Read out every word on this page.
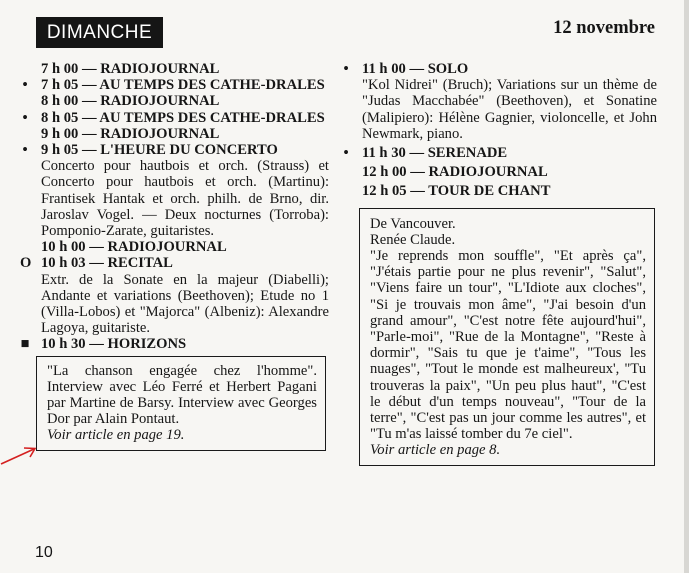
DIMANCHE	12 novembre
7 h 00 — RADIOJOURNAL
• 7 h 05 — AU TEMPS DES CATHE-DRALES
8 h 00 — RADIOJOURNAL
• 8 h 05 — AU TEMPS DES CATHE-DRALES
9 h 00 — RADIOJOURNAL
• 9 h 05 — L'HEURE DU CONCERTO
Concerto pour hautbois et orch. (Strauss) et Concerto pour hautbois et orch. (Martinu): Frantisek Hantak et orch. philh. de Brno, dir. Jaroslav Vogel. — Deux nocturnes (Torroba): Pomponio-Zarate, guitaristes.
10 h 00 — RADIOJOURNAL
O 10 h 03 — RECITAL
Extr. de la Sonate en la majeur (Diabelli); Andante et variations (Beethoven); Etude no 1 (Villa-Lobos) et "Majorca" (Albeniz): Alexandre Lagoya, guitariste.
■ 10 h 30 — HORIZONS
"La chanson engagée chez l'homme". Interview avec Léo Ferré et Herbert Pagani par Martine de Barsy. Interview avec Georges Dor par Alain Pontaut.
Voir article en page 19.
• 11 h 00 — SOLO
"Kol Nidrei" (Bruch); Variations sur un thème de "Judas Macchabée" (Beethoven), et Sonatine (Malipiero): Hélène Gagnier, violoncelle, et John Newmark, piano.
• 11 h 30 — SERENADE
12 h 00 — RADIOJOURNAL
12 h 05 — TOUR DE CHANT
De Vancouver.
Renée Claude.
"Je reprends mon souffle", "Et après ça", "J'étais partie pour ne plus revenir", "Salut", "Viens faire un tour", "L'Idiote aux cloches", "Si je trouvais mon âme", "J'ai besoin d'un grand amour", "C'est notre fête aujourd'hui", "Parle-moi", "Rue de la Montagne", "Reste à dormir", "Sais tu que je t'aime", "Tous les nuages", "Tout le monde est malheureux', "Tu trouveras la paix", "Un peu plus haut", "C'est le début d'un temps nouveau", "Tour de la terre", "C'est pas un jour comme les autres", et "Tu m'as laissé tomber du 7e ciel".
Voir article en page 8.
10
